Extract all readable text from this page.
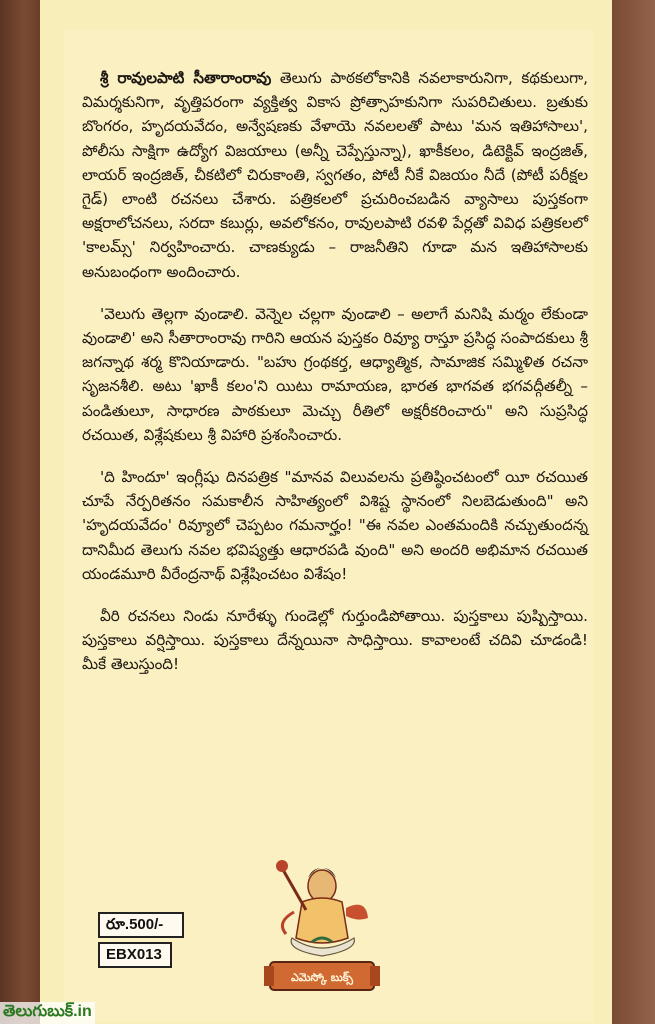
శ్రీ రావులపాటి సీతారాంరావు తెలుగు పాఠకలోకానికి నవలాకారునిగా, కథకులుగా, విమర్శకునిగా, వృత్తిపరంగా వ్యక్తిత్వ వికాస ప్రోత్సాహకునిగా సుపరిచితులు. బ్రతుకు బొంగరం, హృదయవేదం, అన్వేషణకు వేళాయె నవలలతో పాటు 'మన ఇతిహాసాలు', పోలీసు సాక్షిగా ఉద్యోగ విజయాలు (అన్నీ చెప్పేస్తున్నా), ఖాకీకలం, డిటెక్టివ్ ఇంద్రజిత్, లాయర్ ఇంద్రజిత్, చీకటిలో చిరుకాంతి, స్వగతం, పోటీ నీకే విజయం నీదే (పోటీ పరీక్షల గైడ్) లాంటి రచనలు చేశారు. పత్రికలలో ప్రచురించబడిన వ్యాసాలు పుస్తకంగా అక్షరాలోచనలు, సరదా కబుర్లు, అవలోకనం, రావులపాటి రవళి పేర్లతో వివిధ పత్రికలలో 'కాలమ్స్' నిర్వహించారు. చాణక్యుడు – రాజనీతిని గూడా మన ఇతిహాసాలకు అనుబంధంగా అందించారు.

'వెలుగు తెల్లగా వుండాలి. వెన్నెల చల్లగా వుండాలి – అలాగే మనిషి మర్మం లేకుండా వుండాలి' అని సీతారాంరావు గారిని ఆయన పుస్తకం రివ్యూ రాస్తూ ప్రసిద్ధ సంపాదకులు శ్రీ జగన్నాథ శర్మ కొనియాడారు. "బహు గ్రంథకర్త, ఆధ్యాత్మిక, సామాజిక సమ్మిళిత రచనా సృజనశీలి. అటు 'ఖాకీ కలం'ని యిటు రామాయణ, భారత భాగవత భగవద్గీతల్నీ – పండితులూ, సాధారణ పాఠకులూ మెచ్చు రీతిలో అక్షరీకరించారు" అని సుప్రసిద్ధ రచయిత, విశ్లేషకులు శ్రీ విహారి ప్రశంసించారు.

'ది హిందూ' ఇంగ్లీషు దినపత్రిక "మానవ విలువలను ప్రతిష్ఠించటంలో యీ రచయిత చూపే నేర్పరితనం సమకాలీన సాహిత్యంలో విశిష్ట స్థానంలో నిలబెడుతుంది" అని 'హృదయవేదం' రివ్యూలో చెప్పటం గమనార్హం! "ఈ నవల ఎంతమందికి నచ్చుతుందన్న దానిమీద తెలుగు నవల భవిష్యత్తు ఆధారపడి వుంది" అని అందరి అభిమాన రచయిత యండమూరి వీరేంద్రనాథ్ విశ్లేషించటం విశేషం!

వీరి రచనలు నిండు నూరేళ్ళు గుండెల్లో గుర్తుండిపోతాయి. పుస్తకాలు పుష్పిస్తాయి. పుస్తకాలు వర్షిస్తాయి. పుస్తకాలు దేన్నయినా సాధిస్తాయి. కావాలంటే చదివి చూడండి! మీకే తెలుస్తుంది!

ఎమెస్కో బుక్స్
రూ.500/-
EBX013
తెలుగుబుక్.in
